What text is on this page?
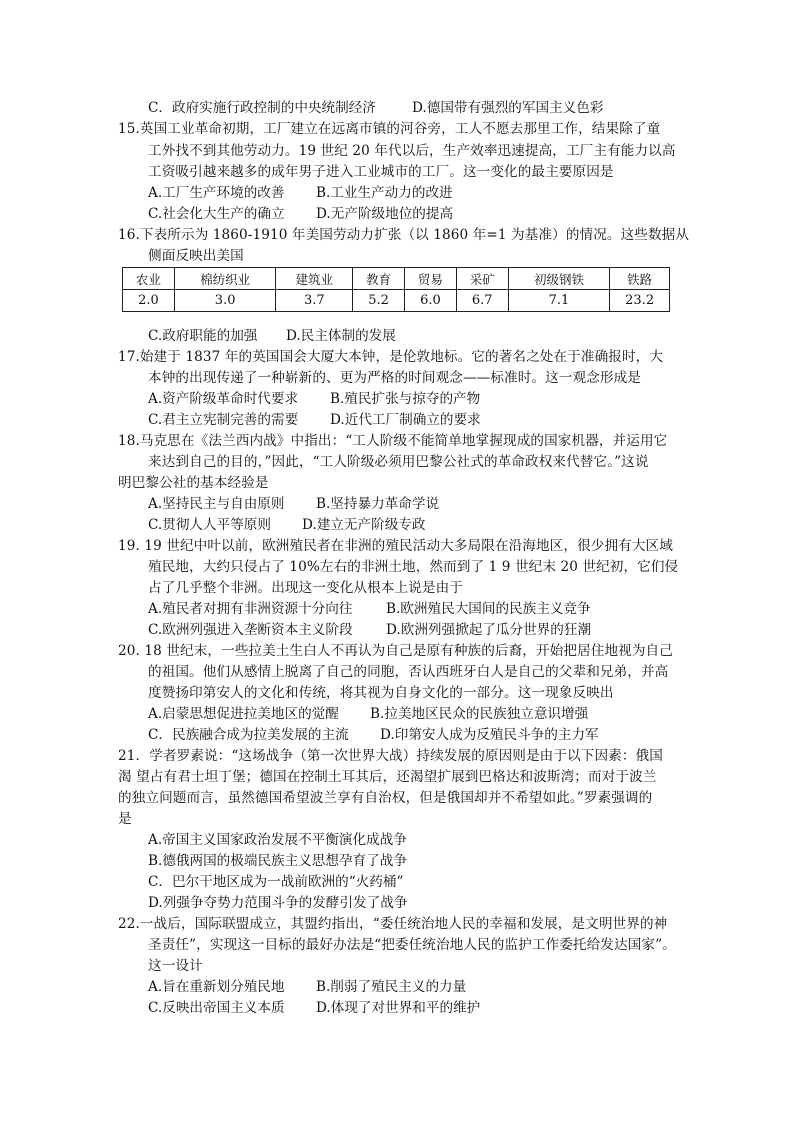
C．政府实施行政控制的中央统制经济	D.德国带有强烈的军国主义色彩
15.英国工业革命初期，工厂建立在远离市镇的河谷旁，工人不愿去那里工作，结果除了童
工外找不到其他劳动力。19 世纪 20 年代以后，生产效率迅速提高，工厂主有能力以高
工资吸引越来越多的成年男子进入工业城市的工厂。这一变化的最主要原因是
A.工厂生产环境的改善 B.工业生产动力的改进
C.社会化大生产的确立 D.无产阶级地位的提高
16.下表所示为 1860-1910 年美国劳动力扩张（以 1860 年=1 为基准）的情况。这些数据从
侧面反映出美国
农业	棉纺织业	建筑业	教育	贸易	采矿	初级钢铁	铁路
2.0	3.0	3.7	5.2	6.0	6.7	7.1	23.2
C.政府职能的加强 D.民主体制的发展
17.始建于 1837 年的英国国会大厦大本钟，是伦敦地标。它的著名之处在于准确报时，大
本钟的出现传递了一种崭新的、更为严格的时间观念——标准时。这一观念形成是
A.资产阶级革命时代要求 B.殖民扩张与掠夺的产物
C.君主立宪制完善的需要 D.近代工厂制确立的要求
18.马克思在《法兰西内战》中指出：“工人阶级不能简单地掌握现成的国家机器，并运用它
来达到自己的目的，”因此，“工人阶级必须用巴黎公社式的革命政权来代替它。”这说
明巴黎公社的基本经验是
A.坚持民主与自由原则 B.坚持暴力革命学说
C.贯彻人人平等原则 D.建立无产阶级专政
19. 19 世纪中叶以前，欧洲殖民者在非洲的殖民活动大多局限在沿海地区，很少拥有大区域
殖民地，大约只侵占了 10%左右的非洲土地，然而到了 1 9 世纪末 20 世纪初，它们侵
占了几乎整个非洲。出现这一变化从根本上说是由于
A.殖民者对拥有非洲资源十分向往 B.欧洲殖民大国间的民族主义竞争
C.欧洲列强进入垄断资本主义阶段 D.欧洲列强掀起了瓜分世界的狂潮
20. 18 世纪末，一些拉美土生白人不再认为自己是原有种族的后裔，开始把居住地视为自己
的祖国。他们从感情上脱离了自己的同胞，否认西班牙白人是自己的父辈和兄弟，并高
度赞扬印第安人的文化和传统，将其视为自身文化的一部分。这一现象反映出
A.启蒙思想促进拉美地区的觉醒 B.拉美地区民众的民族独立意识增强
C．民族融合成为拉美发展的主流 D.印第安人成为反殖民斗争的主力军
21．学者罗素说：“这场战争（第一次世界大战）持续发展的原因则是由于以下因素：俄国
渴 望占有君士坦丁堡；德国在控制土耳其后，还渴望扩展到巴格达和波斯湾；而对于波兰
的独立问题而言，虽然德国希望波兰享有自治权，但是俄国却并不希望如此。”罗素强调的
是
A.帝国主义国家政治发展不平衡演化成战争
B.德俄两国的极端民族主义思想孕育了战争
C．巴尔干地区成为一战前欧洲的“火药桶”
D.列强争夺势力范围斗争的发酵引发了战争
22.一战后，国际联盟成立，其盟约指出，“委任统治地人民的幸福和发展，是文明世界的神
圣责任”，实现这一目标的最好办法是“把委任统治地人民的监护工作委托给发达国家”。
这一设计
A.旨在重新划分殖民地 B.削弱了殖民主义的力量
C.反映出帝国主义本质 D.体现了对世界和平的维护
